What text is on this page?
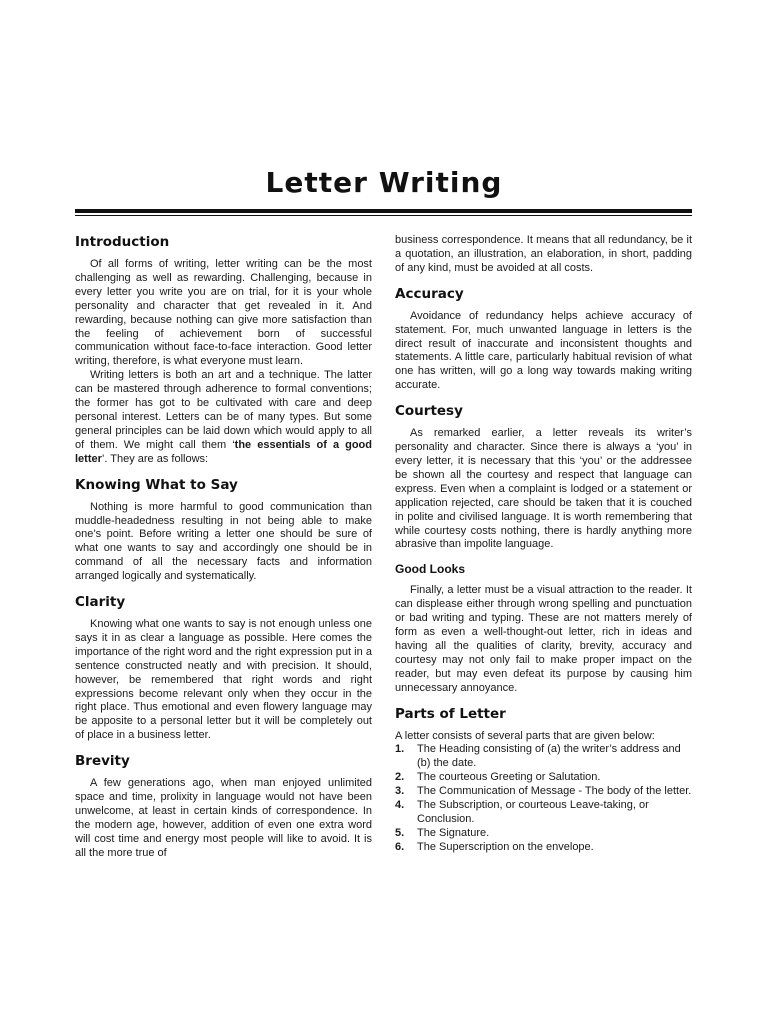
Letter Writing
Introduction

Of all forms of writing, letter writing can be the most challenging as well as rewarding. Challenging, because in every letter you write you are on trial, for it is your whole personality and character that get revealed in it. And rewarding, because nothing can give more satisfaction than the feeling of achievement born of successful communication without face-to-face interaction. Good letter writing, therefore, is what everyone must learn.

Writing letters is both an art and a technique. The latter can be mastered through adherence to formal conventions; the former has got to be cultivated with care and deep personal interest. Letters can be of many types. But some general principles can be laid down which would apply to all of them. We might call them ‘the essentials of a good letter’. They are as follows:

Knowing What to Say

Nothing is more harmful to good communication than muddle-headedness resulting in not being able to make one’s point. Before writing a letter one should be sure of what one wants to say and accordingly one should be in command of all the necessary facts and information arranged logically and systematically.

Clarity

Knowing what one wants to say is not enough unless one says it in as clear a language as possible. Here comes the importance of the right word and the right expression put in a sentence constructed neatly and with precision. It should, however, be remembered that right words and right expressions become relevant only when they occur in the right place. Thus emotional and even flowery language may be apposite to a personal letter but it will be completely out of place in a business letter.

Brevity

A few generations ago, when man enjoyed unlimited space and time, prolixity in language would not have been unwelcome, at least in certain kinds of correspondence. In the modern age, however, addition of even one extra word will cost time and energy most people will like to avoid. It is all the more true of

business correspondence. It means that all redundancy, be it a quotation, an illustration, an elaboration, in short, padding of any kind, must be avoided at all costs.

Accuracy

Avoidance of redundancy helps achieve accuracy of statement. For, much unwanted language in letters is the direct result of inaccurate and inconsistent thoughts and statements. A little care, particularly habitual revision of what one has written, will go a long way towards making writing accurate.

Courtesy

As remarked earlier, a letter reveals its writer’s personality and character. Since there is always a ‘you’ in every letter, it is necessary that this ‘you’ or the addressee be shown all the courtesy and respect that language can express. Even when a complaint is lodged or a statement or application rejected, care should be taken that it is couched in polite and civilised language. It is worth remembering that while courtesy costs nothing, there is hardly anything more abrasive than impolite language.

Good Looks

Finally, a letter must be a visual attraction to the reader. It can displease either through wrong spelling and punctuation or bad writing and typing. These are not matters merely of form as even a well-thought-out letter, rich in ideas and having all the qualities of clarity, brevity, accuracy and courtesy may not only fail to make proper impact on the reader, but may even defeat its purpose by causing him unnecessary annoyance.

Parts of Letter

A letter consists of several parts that are given below:

1. The Heading consisting of (a) the writer’s address and (b) the date.
2. The courteous Greeting or Salutation.
3. The Communication of Message - The body of the letter.
4. The Subscription, or courteous Leave-taking, or Conclusion.
5. The Signature.
6. The Superscription on the envelope.
